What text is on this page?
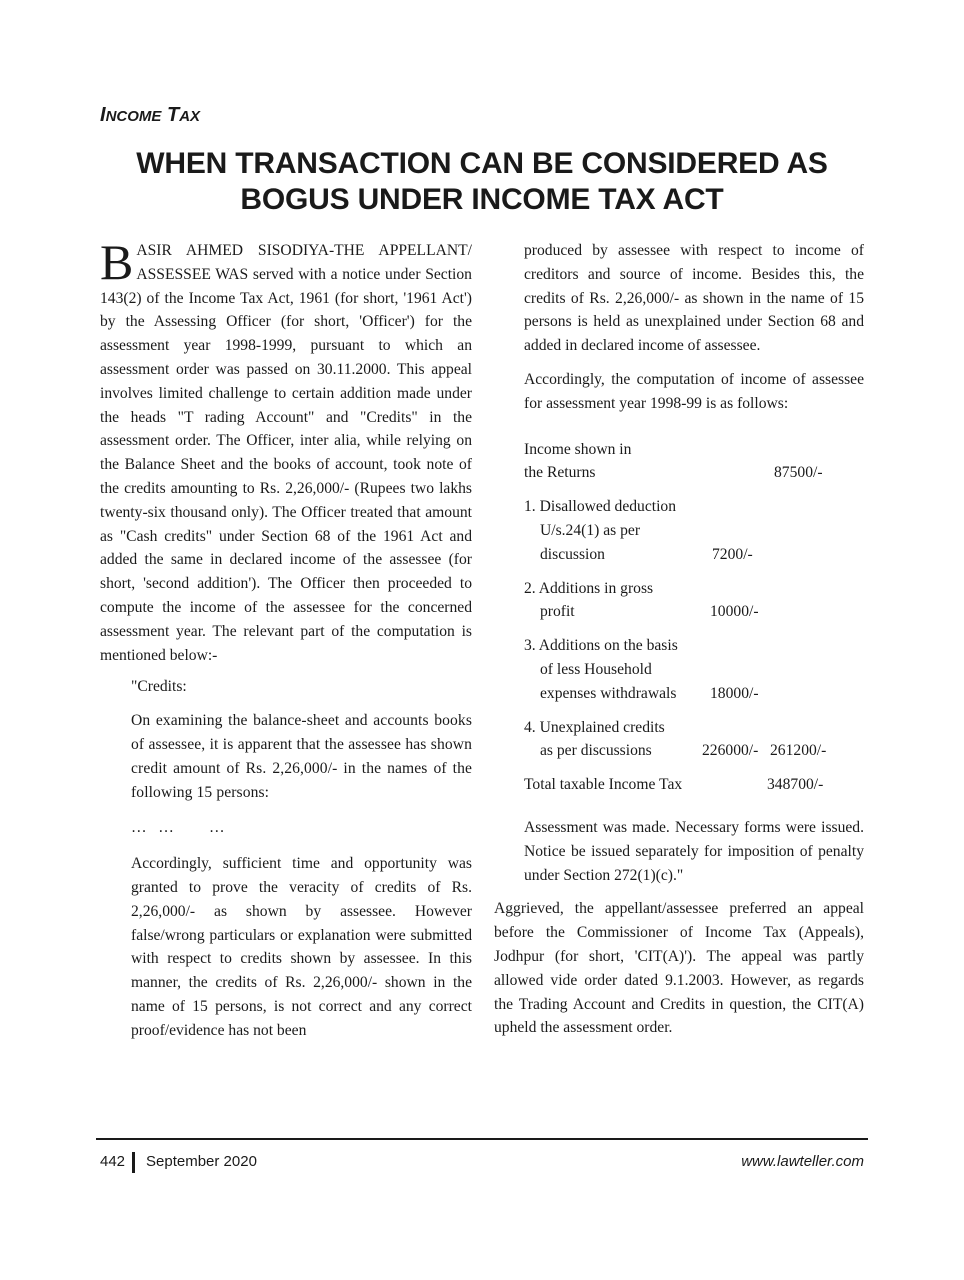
INCOME TAX
WHEN TRANSACTION CAN BE CONSIDERED AS
BOGUS UNDER INCOME TAX ACT

BASIR AHMED SISODIYA-THE APPELLANT/ ASSESSEE WAS served with a notice under Section 143(2) of the Income Tax Act, 1961 (for short, '1961 Act') by the Assessing Officer (for short, 'Officer') for the assessment year 1998-1999, pursuant to which an assessment order was passed on 30.11.2000. This appeal involves limited challenge to certain addition made under the heads "T rading Account" and "Credits" in the assessment order. The Officer, inter alia, while relying on the Balance Sheet and the books of account, took note of the credits amounting to Rs. 2,26,000/- (Rupees two lakhs twenty-six thousand only). The Officer treated that amount as "Cash credits" under Section 68 of the 1961 Act and added the same in declared income of the assessee (for short, 'second addition'). The Officer then proceeded to compute the income of the assessee for the concerned assessment year. The relevant part of the computation is mentioned below:-

"Credits:

On examining the balance-sheet and accounts books of assessee, it is apparent that the assessee has shown credit amount of Rs. 2,26,000/- in the names of the following 15 persons:

…   …         …

Accordingly, sufficient time and opportunity was granted to prove the veracity of credits of Rs. 2,26,000/- as shown by assessee. However false/wrong particulars or explanation were submitted with respect to credits shown by assessee. In this manner, the credits of Rs. 2,26,000/- shown in the name of 15 persons, is not correct and any correct proof/evidence has not been

produced by assessee with respect to income of creditors and source of income. Besides this, the credits of Rs. 2,26,000/- as shown in the name of 15 persons is held as unexplained under Section 68 and added in declared income of assessee.

Accordingly, the computation of income of assessee for assessment year 1998-99 is as follows:

Income shown in
the Returns	87500/-
1. Disallowed deduction
U/s.24(1) as per
discussion	7200/-
2. Additions in gross
profit	10000/-
3. Additions on the basis
of less Household
expenses withdrawals 18000/-
4. Unexplained credits
as per discussions	226000/- 261200/-
Total taxable Income Tax	348700/-

Assessment was made. Necessary forms were issued. Notice be issued separately for imposition of penalty under Section 272(1)(c)."

Aggrieved, the appellant/assessee preferred an appeal before the Commissioner of Income Tax (Appeals), Jodhpur (for short, 'CIT(A)'). The appeal was partly allowed vide order dated 9.1.2003. However, as regards the Trading Account and Credits in question, the CIT(A) upheld the assessment order.

442 September 2020	www.lawteller.com
